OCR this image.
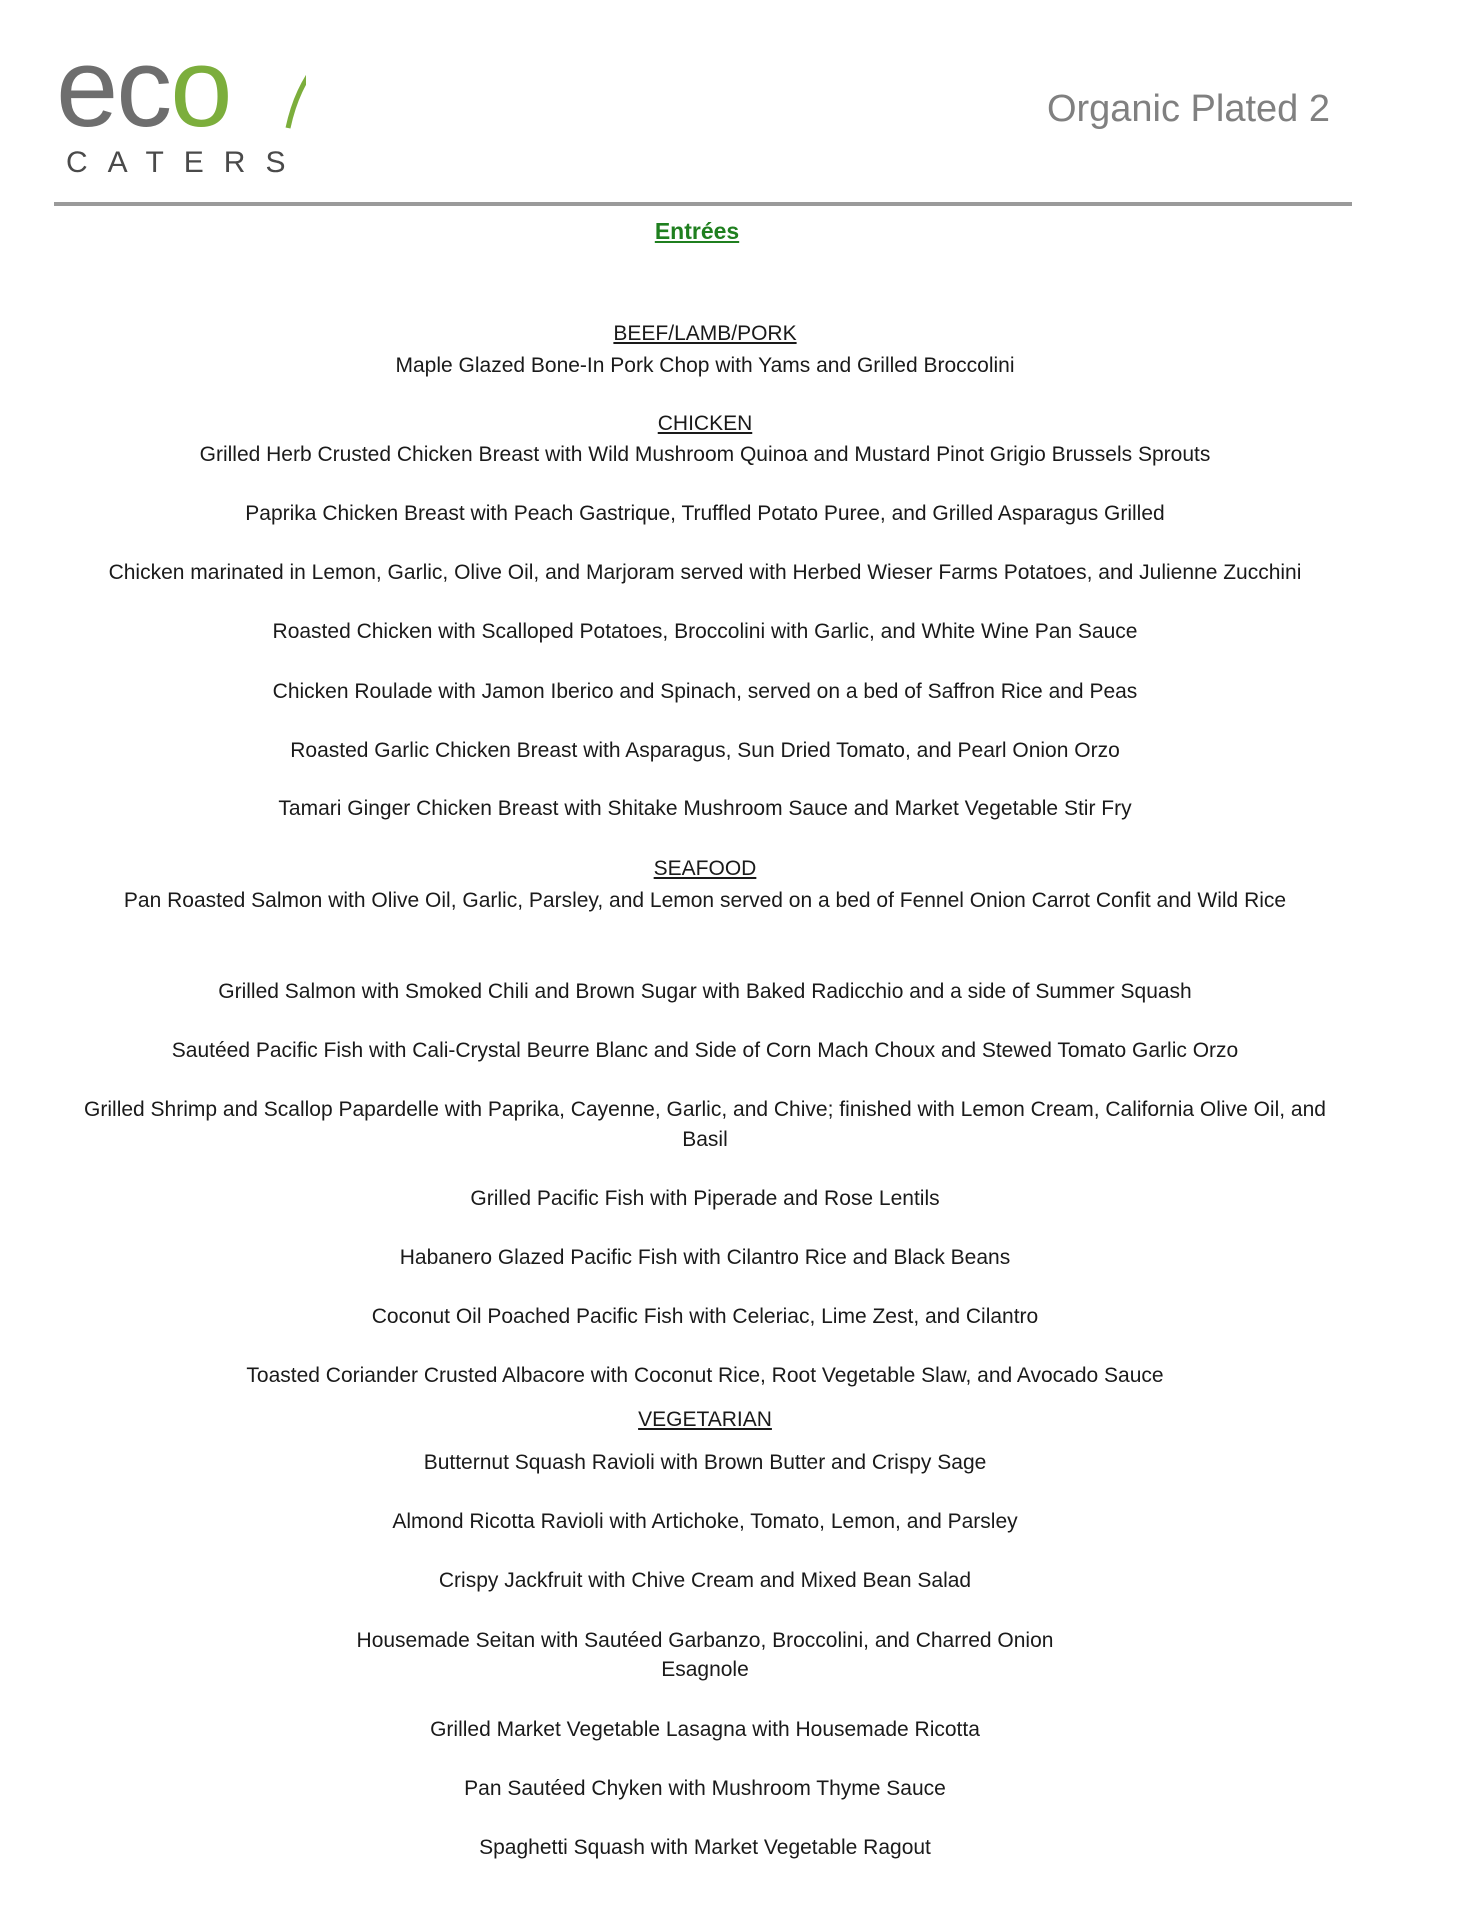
eco
CATERS
Organic Plated 2
Entrées
BEEF/LAMB/PORK
Maple Glazed Bone-In Pork Chop with Yams and Grilled Broccolini
CHICKEN
Grilled Herb Crusted Chicken Breast with Wild Mushroom Quinoa and Mustard Pinot Grigio Brussels Sprouts
Paprika Chicken Breast with Peach Gastrique, Truffled Potato Puree, and Grilled Asparagus Grilled
Chicken marinated in Lemon, Garlic, Olive Oil, and Marjoram served with Herbed Wieser Farms Potatoes, and Julienne Zucchini
Roasted Chicken with Scalloped Potatoes, Broccolini with Garlic, and White Wine Pan Sauce
Chicken Roulade with Jamon Iberico and Spinach, served on a bed of Saffron Rice and Peas
Roasted Garlic Chicken Breast with Asparagus, Sun Dried Tomato, and Pearl Onion Orzo
Tamari Ginger Chicken Breast with Shitake Mushroom Sauce and Market Vegetable Stir Fry
SEAFOOD
Pan Roasted Salmon with Olive Oil, Garlic, Parsley, and Lemon served on a bed of Fennel Onion Carrot Confit and Wild Rice
Grilled Salmon with Smoked Chili and Brown Sugar with Baked Radicchio and a side of Summer Squash
Sautéed Pacific Fish with Cali-Crystal Beurre Blanc and Side of Corn Mach Choux and Stewed Tomato Garlic Orzo
Grilled Shrimp and Scallop Papardelle with Paprika, Cayenne, Garlic, and Chive; finished with Lemon Cream, California Olive Oil, and
Basil
Grilled Pacific Fish with Piperade and Rose Lentils
Habanero Glazed Pacific Fish with Cilantro Rice and Black Beans
Coconut Oil Poached Pacific Fish with Celeriac, Lime Zest, and Cilantro
Toasted Coriander Crusted Albacore with Coconut Rice, Root Vegetable Slaw, and Avocado Sauce
VEGETARIAN
Butternut Squash Ravioli with Brown Butter and Crispy Sage
Almond Ricotta Ravioli with Artichoke, Tomato, Lemon, and Parsley
Crispy Jackfruit with Chive Cream and Mixed Bean Salad
Housemade Seitan with Sautéed Garbanzo, Broccolini, and Charred Onion
Esagnole
Grilled Market Vegetable Lasagna with Housemade Ricotta
Pan Sautéed Chyken with Mushroom Thyme Sauce
Spaghetti Squash with Market Vegetable Ragout
